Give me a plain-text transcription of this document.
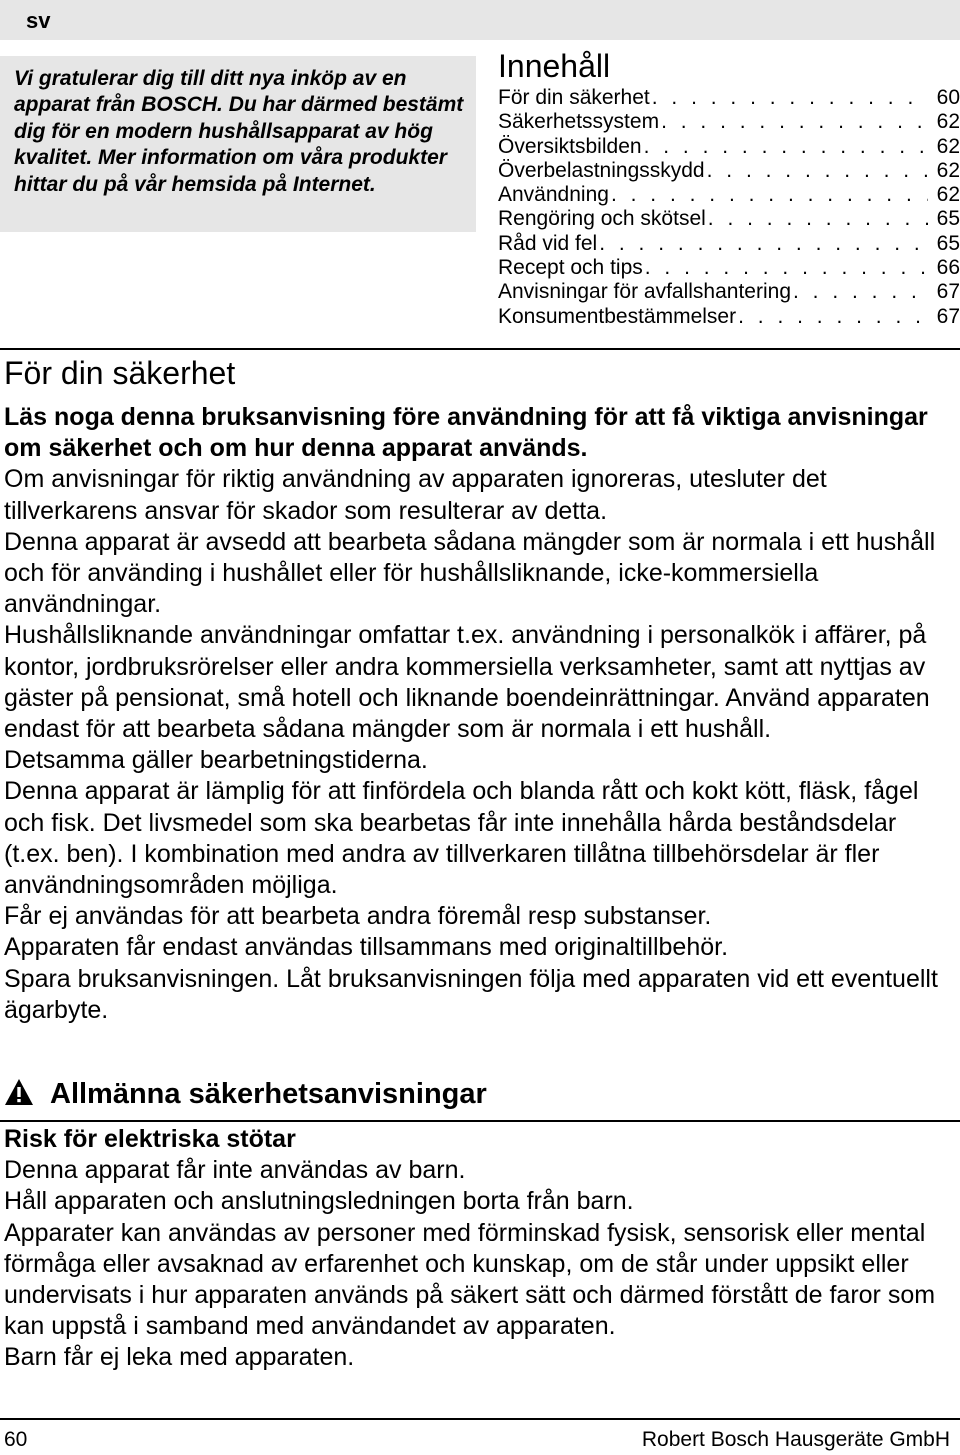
sv

Vi gratulerar dig till ditt nya inköp av en apparat från BOSCH. Du har därmed bestämt dig för en modern hushållsapparat av hög kvalitet. Mer information om våra produkter hittar du på vår hemsida på Internet.

Innehåll
För din säkerhet . . .	60
Säkerhetssystem . . .	62
Översiktsbilden . . .	62
Överbelastningsskydd . . .	62
Användning . . .	62
Rengöring och skötsel . . .	65
Råd vid fel . . .	65
Recept och tips . . .	66
Anvisningar för avfallshantering . . .	67
Konsumentbestämmelser . . .	67
För din säkerhet

Läs noga denna bruksanvisning före användning för att få viktiga anvisningar om säkerhet och om hur denna apparat används.

Om anvisningar för riktig användning av apparaten ignoreras, utesluter det tillverkarens ansvar för skador som resulterar av detta.

Denna apparat är avsedd att bearbeta sådana mängder som är normala i ett hushåll och för använding i hushållet eller för hushållsliknande, icke-kommersiella användningar.

Hushållsliknande användningar omfattar t.ex. användning i personalkök i affärer, på kontor, jordbruksrörelser eller andra kommersiella verksamheter, samt att nyttjas av gäster på pensionat, små hotell och liknande boendeinrättningar. Använd apparaten endast för att bearbeta sådana mängder som är normala i ett hushåll.

Detsamma gäller bearbetningstiderna.

Denna apparat är lämplig för att finfördela och blanda rått och kokt kött, fläsk, fågel och fisk. Det livsmedel som ska bearbetas får inte innehålla hårda beståndsdelar (t.ex. ben). I kombination med andra av tillverkaren tillåtna tillbehörsdelar är fler användningsområden möjliga.

Får ej användas för att bearbeta andra föremål resp substanser.

Apparaten får endast användas tillsammans med originaltillbehör.

Spara bruksanvisningen. Låt bruksanvisningen följa med apparaten vid ett eventuellt ägarbyte.

Allmänna säkerhetsanvisningar
Risk för elektriska stötar

Denna apparat får inte användas av barn.

Håll apparaten och anslutningsledningen borta från barn.

Apparater kan användas av personer med förminskad fysisk, sensorisk eller mental förmåga eller avsaknad av erfarenhet och kunskap, om de står under uppsikt eller undervisats i hur apparaten används på säkert sätt och därmed förstått de faror som kan uppstå i samband med användandet av apparaten.

Barn får ej leka med apparaten.

60	Robert Bosch Hausgeräte GmbH
